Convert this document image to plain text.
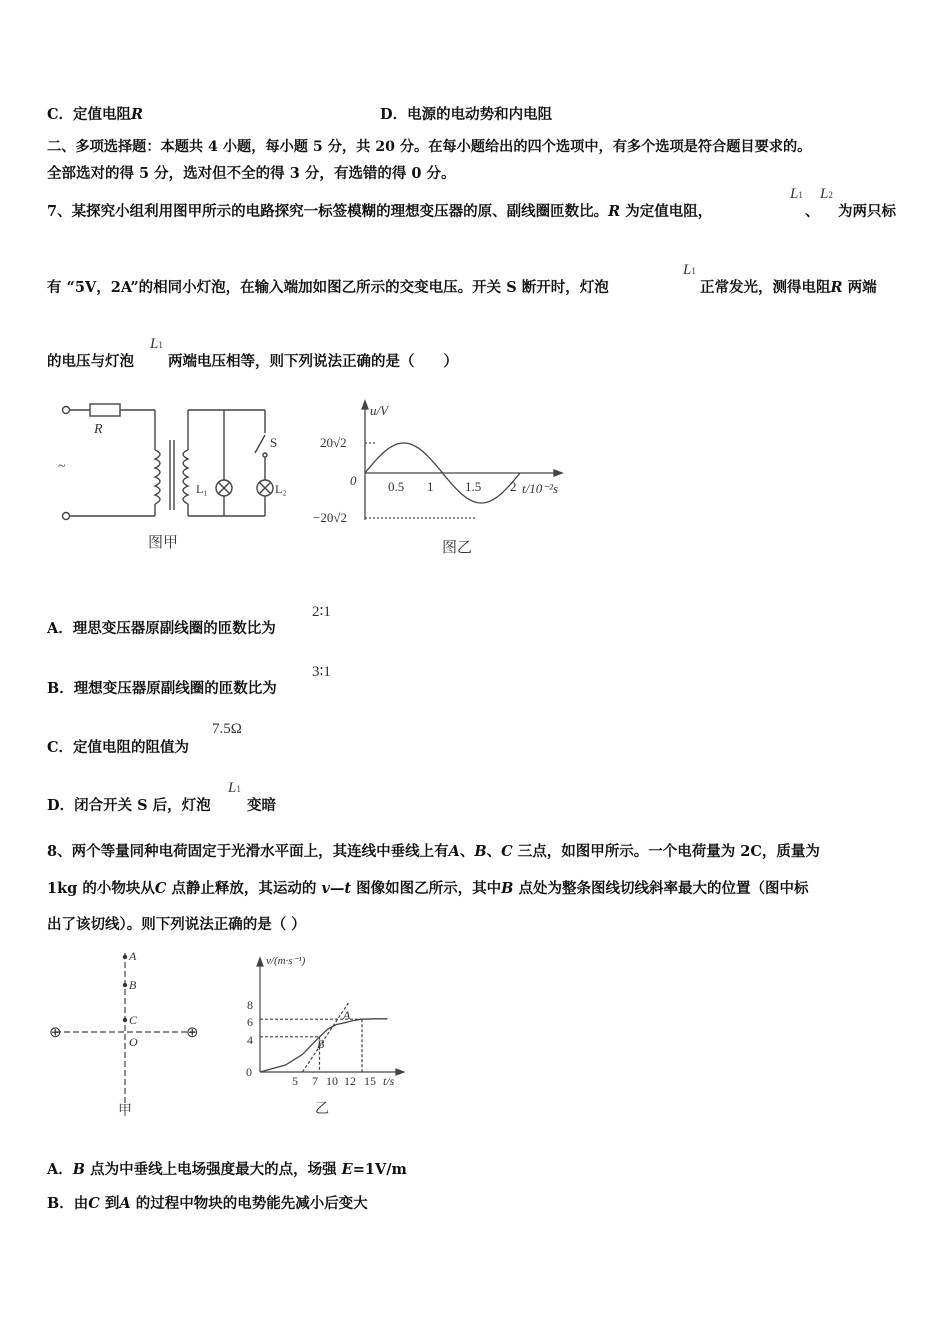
C．定值电阻R	D．电源的电动势和内电阻
二、多项选择题：本题共 4 小题，每小题 5 分，共 20 分。在每小题给出的四个选项中，有多个选项是符合题目要求的。
全部选对的得 5 分，选对但不全的得 3 分，有选错的得 0 分。
7、某探究小组利用图甲所示的电路探究一标签模糊的理想变压器的原、副线圈匝数比。R 为定值电阻，
L1
、
L2
为两只标
有 “5V，2A”的相同小灯泡，在输入端加如图乙所示的交变电压。开关 S 断开时，灯泡
L1
正常发光，测得电阻R 两端
的电压与灯泡
L1
两端电压相等，则下列说法正确的是（　　）
R
~
L₁	L₂
S
图甲
u/V
20√2
−20√2
0 0.5 1 1.5 2 t/10⁻²s
图乙
A．理思变压器原副线圈的匝数比为
2∶1
B．理想变压器原副线圈的匝数比为
3∶1
C．定值电阻的阻值为
7.5Ω
D．闭合开关 S 后，灯泡
L1
变暗
8、两个等量同种电荷固定于光滑水平面上，其连线中垂线上有A、B、C 三点，如图甲所示。一个电荷量为 2C，质量为
1kg 的小物块从C 点静止释放，其运动的 v—t 图像如图乙所示，其中B 点处为整条图线切线斜率最大的位置（图中标
出了该切线）。则下列说法正确的是（ ）
A
B
C
O
⊕	⊕
甲
v/(m·s⁻¹)
8
6
4
0
5 7 10 12 15 t/s
A
B
乙
A．B 点为中垂线上电场强度最大的点，场强 E=1V/m
B．由C 到A 的过程中物块的电势能先减小后变大
